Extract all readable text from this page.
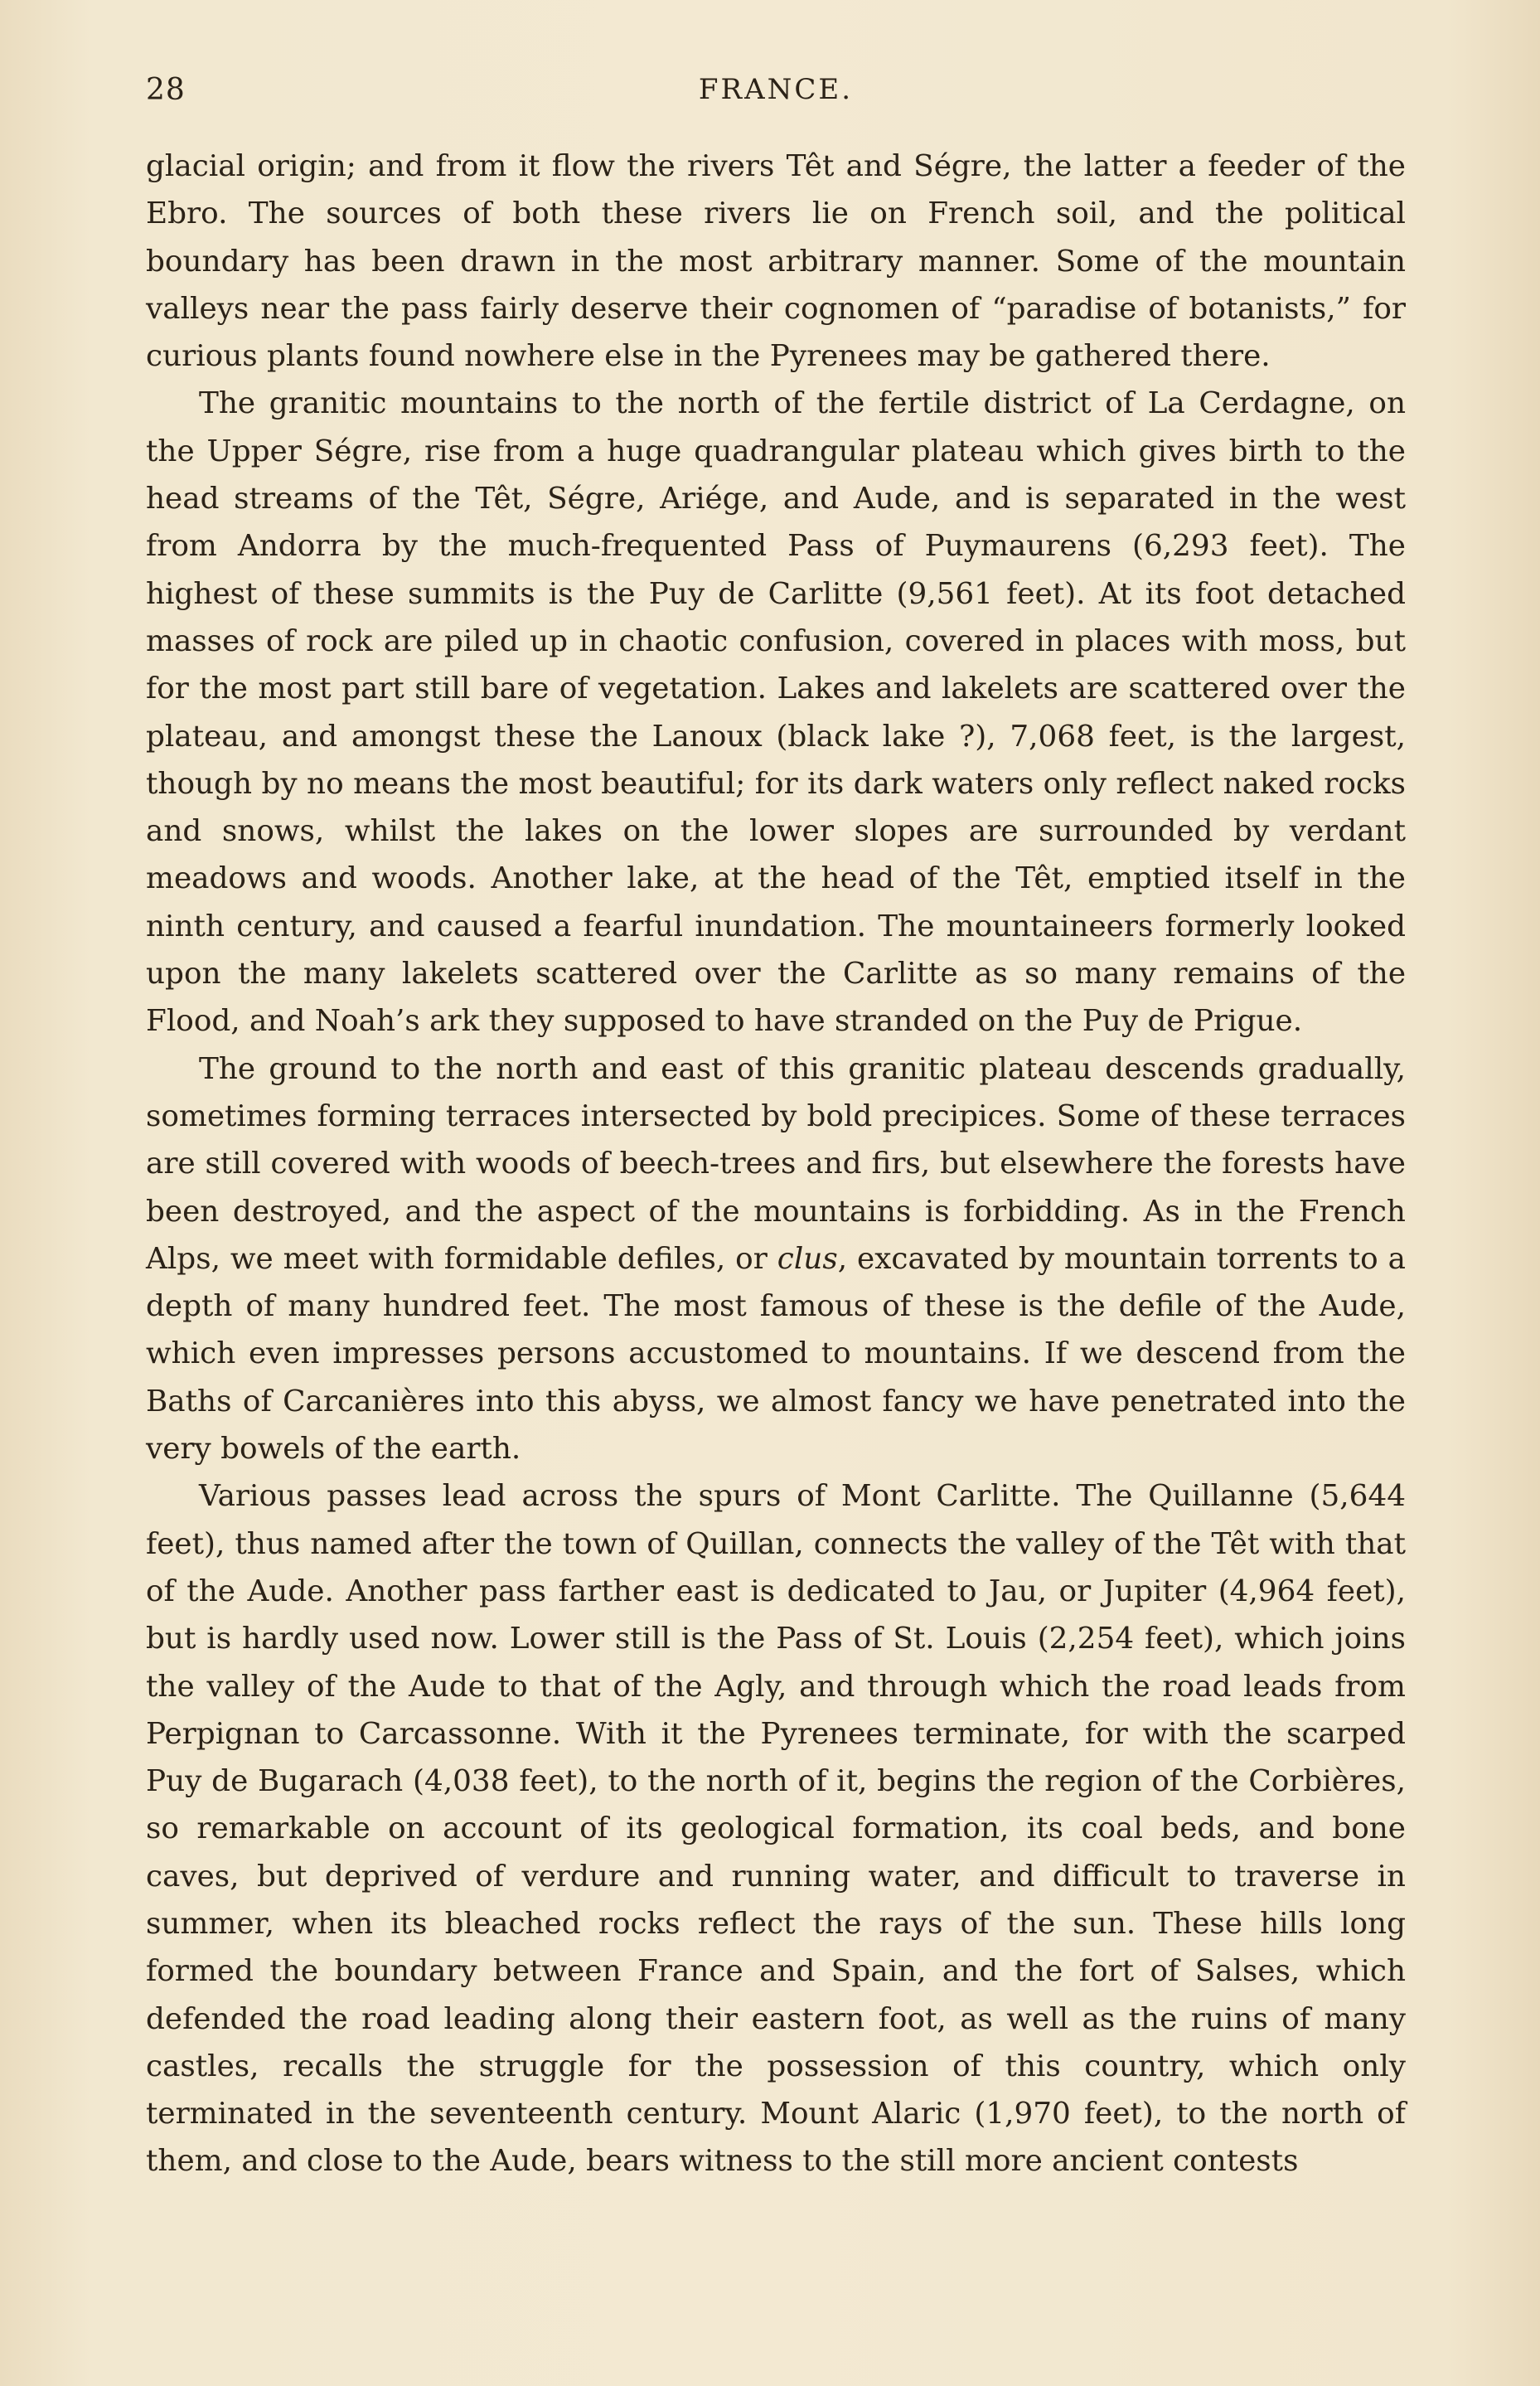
28	FRANCE.

glacial origin; and from it flow the rivers Têt and Ségre, the latter a feeder of the Ebro. The sources of both these rivers lie on French soil, and the political boundary has been drawn in the most arbitrary manner. Some of the mountain valleys near the pass fairly deserve their cognomen of “paradise of botanists,” for curious plants found nowhere else in the Pyrenees may be gathered there.

The granitic mountains to the north of the fertile district of La Cerdagne, on the Upper Ségre, rise from a huge quadrangular plateau which gives birth to the head streams of the Têt, Ségre, Ariége, and Aude, and is separated in the west from Andorra by the much-frequented Pass of Puymaurens (6,293 feet). The highest of these summits is the Puy de Carlitte (9,561 feet). At its foot detached masses of rock are piled up in chaotic confusion, covered in places with moss, but for the most part still bare of vegetation. Lakes and lakelets are scattered over the plateau, and amongst these the Lanoux (black lake ?), 7,068 feet, is the largest, though by no means the most beautiful; for its dark waters only reflect naked rocks and snows, whilst the lakes on the lower slopes are surrounded by verdant meadows and woods. Another lake, at the head of the Têt, emptied itself in the ninth century, and caused a fearful inundation. The mountaineers formerly looked upon the many lakelets scattered over the Carlitte as so many remains of the Flood, and Noah’s ark they supposed to have stranded on the Puy de Prigue.

The ground to the north and east of this granitic plateau descends gradually, sometimes forming terraces intersected by bold precipices. Some of these terraces are still covered with woods of beech-trees and firs, but elsewhere the forests have been destroyed, and the aspect of the mountains is forbidding. As in the French Alps, we meet with formidable defiles, or clus, excavated by mountain torrents to a depth of many hundred feet. The most famous of these is the defile of the Aude, which even impresses persons accustomed to mountains. If we descend from the Baths of Carcanières into this abyss, we almost fancy we have penetrated into the very bowels of the earth.

Various passes lead across the spurs of Mont Carlitte. The Quillanne (5,644 feet), thus named after the town of Quillan, connects the valley of the Têt with that of the Aude. Another pass farther east is dedicated to Jau, or Jupiter (4,964 feet), but is hardly used now. Lower still is the Pass of St. Louis (2,254 feet), which joins the valley of the Aude to that of the Agly, and through which the road leads from Perpignan to Carcassonne. With it the Pyrenees terminate, for with the scarped Puy de Bugarach (4,038 feet), to the north of it, begins the region of the Corbières, so remarkable on account of its geological formation, its coal beds, and bone caves, but deprived of verdure and running water, and difficult to traverse in summer, when its bleached rocks reflect the rays of the sun. These hills long formed the boundary between France and Spain, and the fort of Salses, which defended the road leading along their eastern foot, as well as the ruins of many castles, recalls the struggle for the possession of this country, which only terminated in the seventeenth century. Mount Alaric (1,970 feet), to the north of them, and close to the Aude, bears witness to the still more ancient contests
